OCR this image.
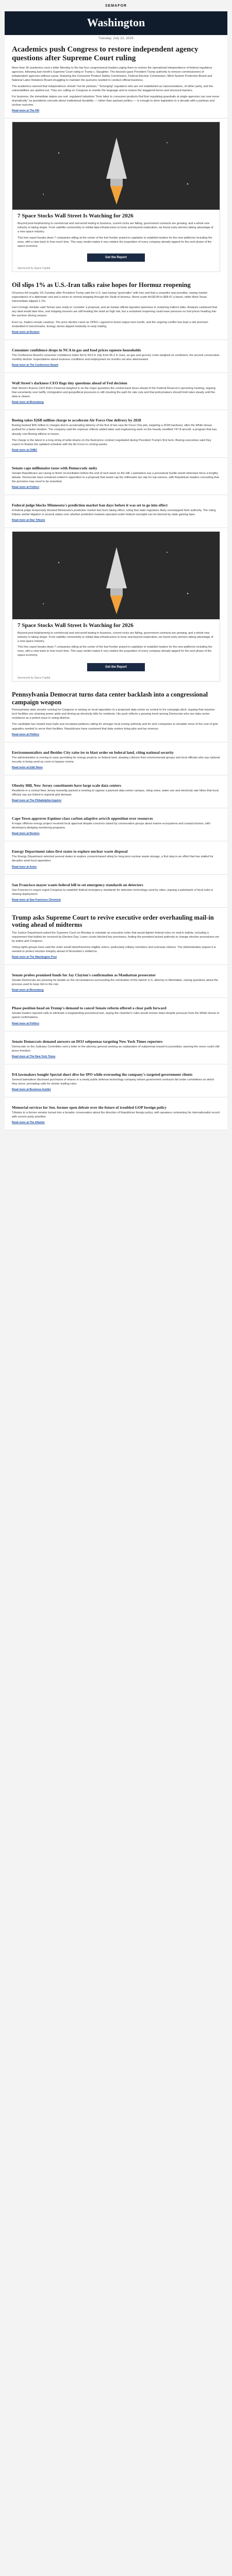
SEMAFOR
Washington
Tuesday, July 22, 2025
Academics push Congress to restore independent agency questions after Supreme Court ruling

More than 30 academics sent a letter Monday to the top four congressional leaders urging them to restore the operational independence of federal regulatory agencies, following last month's Supreme Court ruling in Trump v. Slaughter. The decision gave President Trump authority to remove commissioners of independent agencies without cause, featuring the Consumer Product Safety Commission, Federal Election Commission, Merit System Protection Board and National Labor Relations Board struggling to maintain the quorums needed to conduct official business.

The academics warned that independence should "not be partisan." "Emerging" regulators who are not established as representatives, of either party, and the vulnerabilities are spelled out. They are calling on Congress to rewrite the language and to restore the staggered terms and structural barriers.

For business, the immediate stakes are real: regulated industries "from labor to consumer products find that regulating guardrails at single agencies can now move dramatically" as presidents concede about institutional durability — rather than partisan politics — is enough to drive legislation to a decade with a partisan and unclear outcome.

Read more at The Hill
7 Space Stocks Wall Street Is Watching for 2026

Beyond post-biopharming to commercial and real-world testing in business, current rocks are falling, government contracts are growing, and a whole new industry is taking shape. From satellite connectivity to orbital data infrastructure to lunar and beyond exploration, we found early winners taking advantage of a new space industry.

This free report breaks down 7 companies sitting at the center of the fuel frontier poised to capitalize to establish leaders for the new platforms including the ones, with a view back to how much time. This easy model makes it very relative the acquisition of every company already tapped for the next phase of the space economy.

Get the Report
Sponsored by Space Capital
Oil slips 1% as U.S.-Iran talks raise hopes for Hormuz reopening

Oil prices fell roughly 1% Tuesday after President Trump said the U.S. was having "good talks" with Iran and that a ceasefire was possible, raising market expectations of a diplomatic exit and a return to normal shipping through the Strait of Hormuz. Brent crude fell $0.84 to $68.47 a barrel, while West Texas Intermediate slipped 1.1%.

Iran's foreign minister said Tehran was ready to 'consider' a proposal, and an Iranian official signaled openness to restarting indirect talks. Analysts cautioned that any deal would take time, and shipping insurers are still treating the strait as high risk, but a sustained reopening could ease pressure on fuel prices heading into the summer driving season.

Even so, traders remain cautious. The price decline came as OPEC+ agreed to boost output next month, and the ongoing conflict has kept a risk premium embedded in benchmarks. Energy stocks dipped modestly in early trading.

Read more at Reuters
Consumer confidence drops in NCA in gas and food prices squeeze households

The Conference Board's consumer confidence index fell to 93.0 in July from 95.2 in June, as gas and grocery costs weighed on sentiment, the second consecutive monthly decline. Expectations about business conditions and employment six months out also deteriorated.

Read more at The Conference Board
Wall Street's darkness CEO flags tiny questions ahead of Fed decision

Wall Street's finance CEO Bob's Financial weighed in on the major questions the central bank faces ahead of the Federal Reserve's upcoming meeting, arguing that uncertainty over tariffs, immigration and geopolitical pressures is still clouding the path for rate cuts and that policymakers should hold rates steady until the data is clearer.

Read more at Bloomberg
Boeing takes $26B million charge to accelerate Air Force One delivery by 2028

Boeing booked $26 million in charges tied to accelerating delivery of the first of two new Air Force One jets, targeting a 2028 handover, after the White House pushed for a faster timeline. The company said the expense reflects added labor and engineering work on the heavily modified 747-8 aircraft, a program that has already cost Boeing billions in losses.

The charge is the latest in a long string of write-downs on the fixed-price contract negotiated during President Trump's first term. Boeing executives said they expect to finalize the updated schedule with the Air Force in coming weeks.

Read more at CNBC
Senate caps millionaire taxes with Democratic unity

Senate Republicans are racing to finish reconciliation before the end of next week on the Hill. Lawmakers say a procedural hurdle would otherwise force a lengthy debate. Democrats have remained united in opposition to a proposal that would cap the millionaire tax rate for top earners, with Republican leaders conceding that the provision may need to be reworked.

Read more at Politico
Federal judge blocks Minnesota's prediction market ban days before it was set to go into effect

A federal judge temporarily blocked Minnesota's prediction market ban from taking effect, ruling that state regulators likely overstepped their authority. The ruling follows similar litigation in several states over whether prediction markets operated under federal oversight can be banned by state gaming laws.

Read more at Star Tribune
7 Space Stocks Wall Street Is Watching for 2026

Beyond post-biopharming to commercial and real-world testing in business, current rocks are falling, government contracts are growing, and a whole new industry is taking shape. From satellite connectivity to orbital data infrastructure to lunar and beyond exploration, we found early winners taking advantage of a new space industry.

This free report breaks down 7 companies sitting at the center of the fuel frontier poised to capitalize to establish leaders for the new platforms including the ones, with a view back to how much time. This easy model makes it very relative the acquisition of every company already tapped for the next phase of the space economy.

Get the Report
Sponsored by Space Capital
Pennsylvania Democrat turns data center backlash into a congressional campaign weapon

Pennsylvania state senator running for Congress is seizing on local opposition to a proposed data center as central to his campaign pitch, arguing that massive tech facilities are straining power grids and driving up electricity bills for residents. His push reflects a growing trend among Democrats who see data center resistance as a potent issue in swing districts.

The candidate has hosted town halls and circulated petitions calling for stronger local zoning authority and for tech companies to shoulder more of the cost of grid upgrades needed to serve their facilities. Republicans have countered that data centers bring jobs and tax revenue.

Read more at Politico
Environmentalists and Besides City raise ire to blast order on federal land, citing national security

The administration is moving to ease permitting for energy projects on federal land, drawing criticism from environmental groups and local officials who say national security is being used as cover to bypass review.

Read more at E&E News
Obesity Hill, New Jersey constituents have large scale data centers

Residents in a central New Jersey township packed a meeting to oppose a planned data center campus, citing noise, water use and electricity rate hikes that local officials say are linked to regional grid demand.

Read more at The Philadelphia Inquirer
Cape Town approves Equinor-class carbon adaptive arts/cb opposition over resources

A major offshore energy project received local approval despite concerns raised by conservation groups about marine ecosystems and coastal tourism, with developers pledging monitoring programs.

Read more at Reuters
Energy Department takes first states to explore nuclear waste disposal

The Energy Department selected several states to explore consent-based siting for long-term nuclear waste storage, a first step in an effort that has stalled for decades amid local opposition.

Read more at Axios
San Francisco mayor wants federal bill to set emergency standards on detectors

San Francisco's mayor urged Congress to establish federal emergency standards for detection technology used by cities, arguing a patchwork of local rules is slowing deployment.

Read more at San Francisco Chronicle
Trump asks Supreme Court to revive executive order overhauling mail-in voting ahead of midterms

The Justice Department asked the Supreme Court on Monday to reinstate an executive order that would tighten federal rules on mail-in ballots, including a requirement that ballots be received by Election Day. Lower courts blocked key provisions, finding the president lacked authority to change election procedures set by states and Congress.

Voting rights groups have said the order would disenfranchise eligible voters, particularly military members and overseas citizens. The administration argues it is needed to protect election integrity ahead of November's midterms.

Read more at The Washington Post
Senate probes promised funds for Jay Clayton's confirmation as Manhattan prosecutor

Senate Democrats are pressing for details on the circumstances surrounding the nomination of the interim U.S. attorney in Manhattan, raising questions about the process used to keep him in the role.

Read more at Bloomberg
Phase position head on Trump's demand to cancel Senate reform offered a clear path forward

Senate leaders rejected calls to eliminate a longstanding procedural tool, saying the chamber's rules would remain intact despite pressure from the White House to speed confirmations.

Read more at Politico
Senate Democrats demand answers on DOJ subpoenas targeting New York Times reporters

Democrats on the Judiciary Committee sent a letter to the attorney general seeking an explanation of subpoenas issued to journalists, warning the move could chill press freedom.

Read more at The New York Times
DA lawmakers bought Special short dive for IPO while overseeing the company's targeted government clients

Several lawmakers disclosed purchases of shares in a newly public defense technology company whose government contracts fall under committees on which they serve, prompting calls for stricter trading rules.

Read more at Business Insider
Memorial services for Sen. former open debate over the future of troubled GOP foreign policy

Tributes to a former senator turned into a broader conversation about the direction of Republican foreign policy, with speakers contrasting his internationalist record with current party priorities.

Read more at The Atlantic
